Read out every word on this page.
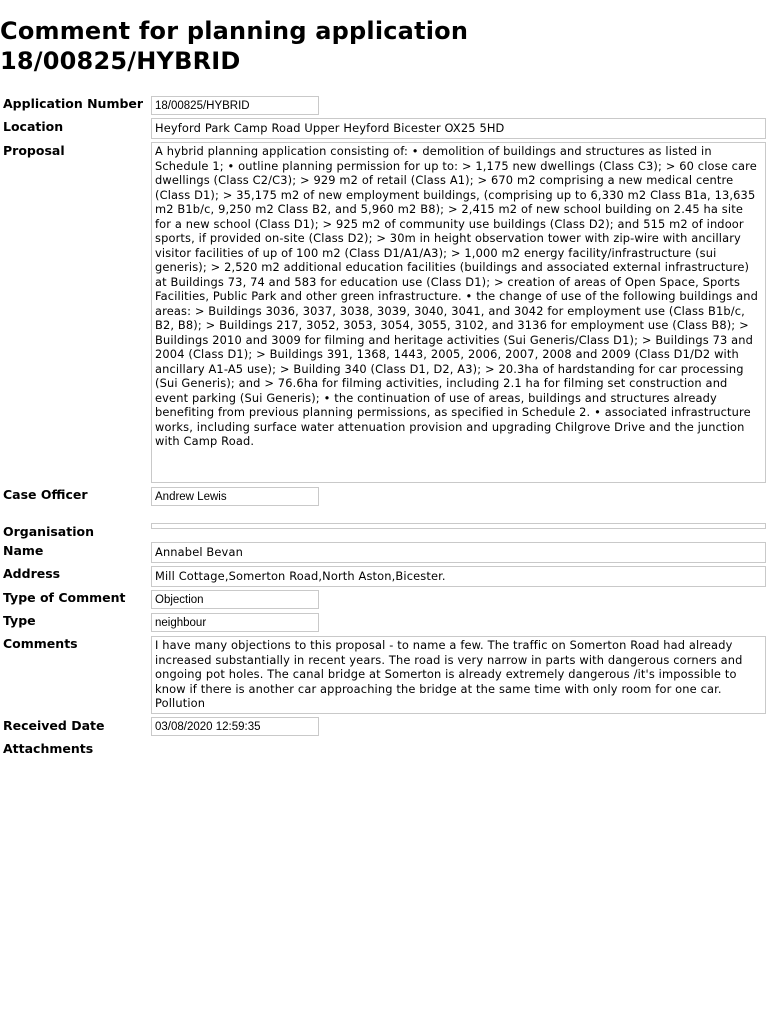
Comment for planning application 18/00825/HYBRID
Application Number	18/00825/HYBRID
Location	Heyford Park Camp Road Upper Heyford Bicester OX25 5HD
Proposal	A hybrid planning application consisting of: • demolition of buildings and structures as listed in Schedule 1; • outline planning permission for up to: > 1,175 new dwellings (Class C3); > 60 close care dwellings (Class C2/C3); > 929 m2 of retail (Class A1); > 670 m2 comprising a new medical centre (Class D1); > 35,175 m2 of new employment buildings, (comprising up to 6,330 m2 Class B1a, 13,635 m2 B1b/c, 9,250 m2 Class B2, and 5,960 m2 B8); > 2,415 m2 of new school building on 2.45 ha site for a new school (Class D1); > 925 m2 of community use buildings (Class D2); and 515 m2 of indoor sports, if provided on-site (Class D2); > 30m in height observation tower with zip-wire with ancillary visitor facilities of up of 100 m2 (Class D1/A1/A3); > 1,000 m2 energy facility/infrastructure (sui generis); > 2,520 m2 additional education facilities (buildings and associated external infrastructure) at Buildings 73, 74 and 583 for education use (Class D1); > creation of areas of Open Space, Sports Facilities, Public Park and other green infrastructure. • the change of use of the following buildings and areas: > Buildings 3036, 3037, 3038, 3039, 3040, 3041, and 3042 for employment use (Class B1b/c, B2, B8); > Buildings 217, 3052, 3053, 3054, 3055, 3102, and 3136 for employment use (Class B8); > Buildings 2010 and 3009 for filming and heritage activities (Sui Generis/Class D1); > Buildings 73 and 2004 (Class D1); > Buildings 391, 1368, 1443, 2005, 2006, 2007, 2008 and 2009 (Class D1/D2 with ancillary A1-A5 use); > Building 340 (Class D1, D2, A3); > 20.3ha of hardstanding for car processing (Sui Generis); and > 76.6ha for filming activities, including 2.1 ha for filming set construction and event parking (Sui Generis); • the continuation of use of areas, buildings and structures already benefiting from previous planning permissions, as specified in Schedule 2. • associated infrastructure works, including surface water attenuation provision and upgrading Chilgrove Drive and the junction with Camp Road.
Case Officer	Andrew Lewis
Organisation
Name	Annabel Bevan
Address	Mill Cottage,Somerton Road,North Aston,Bicester.
Type of Comment	Objection
Type	neighbour
Comments	I have many objections to this proposal - to name a few. The traffic on Somerton Road had already increased substantially in recent years. The road is very narrow in parts with dangerous corners and ongoing pot holes. The canal bridge at Somerton is already extremely dangerous /it's impossible to know if there is another car approaching the bridge at the same time with only room for one car. Pollution
Received Date	03/08/2020 12:59:35
Attachments
